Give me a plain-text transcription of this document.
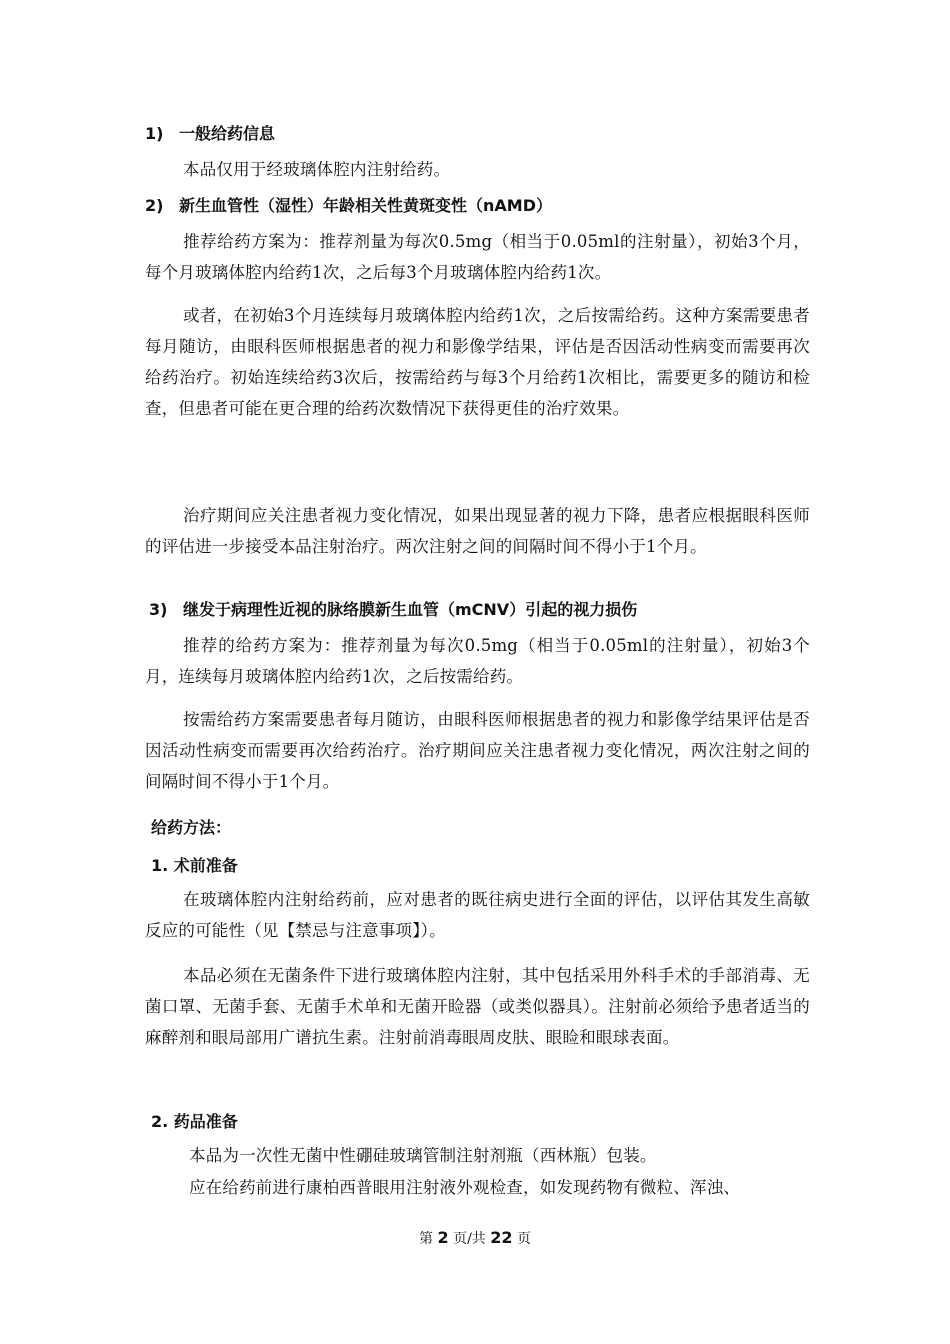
1) 一般给药信息
本品仅用于经玻璃体腔内注射给药。
2) 新生血管性（湿性）年龄相关性黄斑变性（nAMD）
推荐给药方案为：推荐剂量为每次0.5mg（相当于0.05ml的注射量），初始3个月，每个月玻璃体腔内给药1次，之后每3个月玻璃体腔内给药1次。
或者，在初始3个月连续每月玻璃体腔内给药1次，之后按需给药。这种方案需要患者每月随访，由眼科医师根据患者的视力和影像学结果，评估是否因活动性病变而需要再次给药治疗。初始连续给药3次后，按需给药与每3个月给药1次相比，需要更多的随访和检查，但患者可能在更合理的给药次数情况下获得更佳的治疗效果。
治疗期间应关注患者视力变化情况，如果出现显著的视力下降，患者应根据眼科医师的评估进一步接受本品注射治疗。两次注射之间的间隔时间不得小于1个月。
3) 继发于病理性近视的脉络膜新生血管（mCNV）引起的视力损伤
推荐的给药方案为：推荐剂量为每次0.5mg（相当于0.05ml的注射量），初始3个月，连续每月玻璃体腔内给药1次，之后按需给药。
按需给药方案需要患者每月随访，由眼科医师根据患者的视力和影像学结果评估是否因活动性病变而需要再次给药治疗。治疗期间应关注患者视力变化情况，两次注射之间的间隔时间不得小于1个月。
给药方法：
1. 术前准备
在玻璃体腔内注射给药前，应对患者的既往病史进行全面的评估，以评估其发生高敏反应的可能性（见【禁忌与注意事项】）。
本品必须在无菌条件下进行玻璃体腔内注射，其中包括采用外科手术的手部消毒、无菌口罩、无菌手套、无菌手术单和无菌开睑器（或类似器具）。注射前必须给予患者适当的麻醉剂和眼局部用广谱抗生素。注射前消毒眼周皮肤、眼睑和眼球表面。
2. 药品准备
本品为一次性无菌中性硼硅玻璃管制注射剂瓶（西林瓶）包装。
应在给药前进行康柏西普眼用注射液外观检查，如发现药物有微粒、浑浊、
第 2 页/共 22 页
